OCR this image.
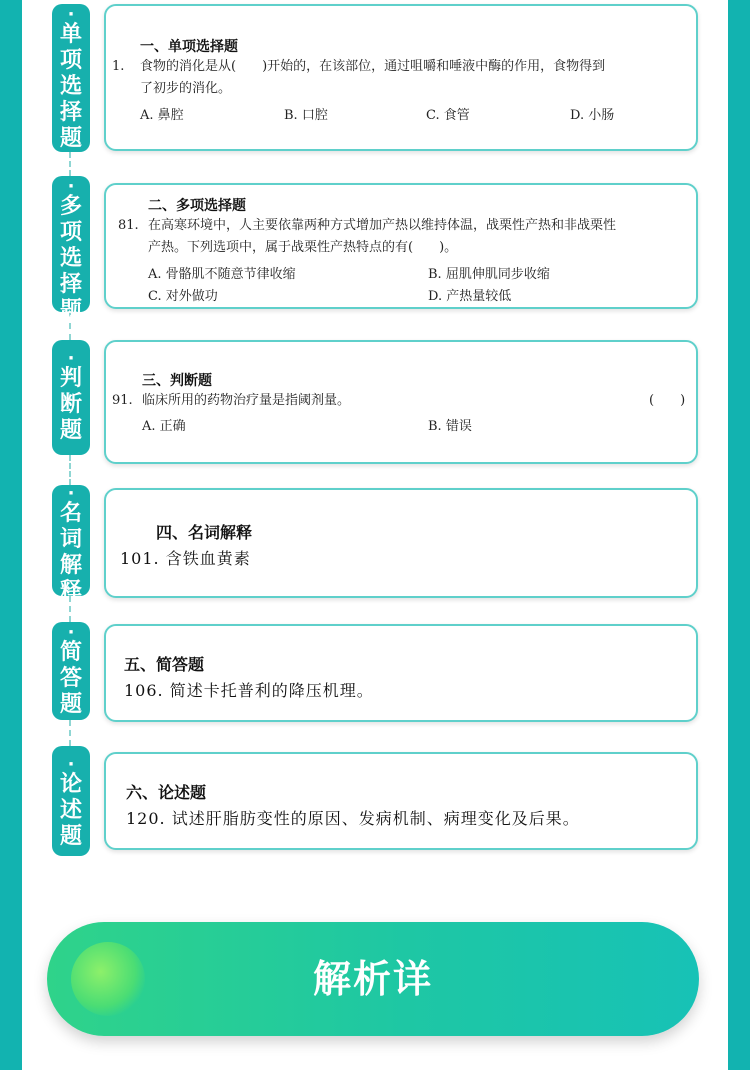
·
单项选择题
·
多项选择题
·
判断题
·
名词解释
·
简答题
·
论述题
一、单项选择题
1. 食物的消化是从(　　)开始的，在该部位，通过咀嚼和唾液中酶的作用，食物得到
了初步的消化。
A. 鼻腔	B. 口腔	C. 食管	D. 小肠
二、多项选择题
81. 在高寒环境中，人主要依靠两种方式增加产热以维持体温，战栗性产热和非战栗性
产热。下列选项中，属于战栗性产热特点的有(　　)。
A. 骨骼肌不随意节律收缩	B. 屈肌伸肌同步收缩
C. 对外做功	D. 产热量较低
三、判断题
91. 临床所用的药物治疗量是指阈剂量。	(　　)
A. 正确	B. 错误
四、名词解释
101. 含铁血黄素
五、简答题
106. 简述卡托普利的降压机理。
六、论述题
120. 试述肝脂肪变性的原因、发病机制、病理变化及后果。
解析详
